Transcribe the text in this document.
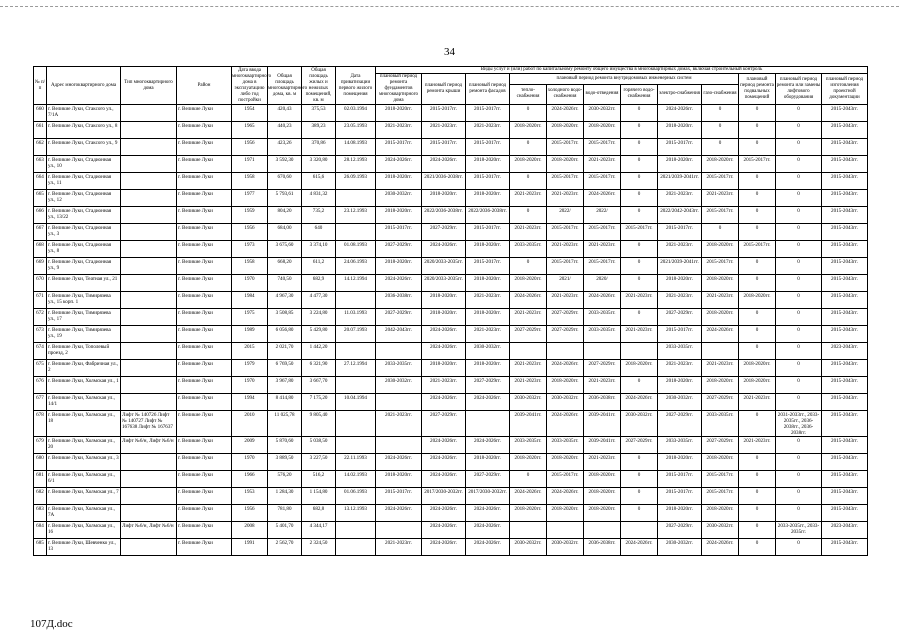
34
№ п/п	Адрес многоквартирного дома	Тип многоквартирного дома	Район	Дата ввода многоквартирного дома в эксплуатацию либо год постройки	Общая площадь многоквартирного дома, кв. м	Общая площадь жилых и нежилых помещений, кв. м	Дата приватизации первого жилого помещения	Виды услуг и (или) работ по капитальному ремонту общего имущества в многоквартирных домах, включая строительный контроль											
								плановый период ремонта фундаментов многоквартирного дома	плановый период ремонта крыши	плановый период ремонта фасадов	плановый период ремонта внутридомовых инженерных систем						плановый период ремонта подвальных помещений	плановый период ремонта или замены лифтового оборудования	плановый период изготовления проектной документации
											тепло-снабжения	холодного водо-снабжения	водо-отведения	горячего водо-снабжения	электро-снабжения	газо-снабжения			
660	г. Великие Луки, Стаксого ул., 7/1А		г. Великие Луки	1954	420,43	375,53	02.03.1994	2018-2020гг.	2015-2017гг.	2015-2017гг.	0	2024-2026гг.	2030-2032гг.	0	2024-2026гг.	0	0	0	2015-2043гг.
661	г. Великие Луки, Стаксого ул., 8		г. Великие Луки	1965	440,23	389,23	23.05.1993	2021-2023гг.	2021-2023гг.	2021-2023гг.	2018-2020гг.	2018-2020гг.	2018-2020гг.	0	2018-2020гг.	0	0	0	2015-2043гг.
662	г. Великие Луки, Стаксого ул., 9		г. Великие Луки	1956	423,26	370,86	14.08.1993	2015-2017гг.	2015-2017гг.	2015-2017гг.	0	2015-2017гг.	2015-2017гг.	0	2015-2017гг.	0	0	0	2015-2043гг.
663	г. Великие Луки, Стадионная ул., 10		г. Великие Луки	1971	3 592,30	3 320,80	28.12.1993	2024-2026гг.	2024-2026гг.	2018-2020гг.	2018-2020гг.	2018-2020гг.	2021-2023гг.	0	2018-2020гг.	2018-2020гг.	2015-2017гг.	0	2015-2043гг.
664	г. Великие Луки, Стадионная ул., 11		г. Великие Луки	1958	670,60	615,6	26.09.1993	2018-2020гг.	2021/2036-2038гг.	2015-2017гг.	0	2015-2017гг.	2015-2017гг.	0	2021/2039-2041гг.	2015-2017гг.	0	0	2015-2043гг.
665	г. Великие Луки, Стадионная ул., 12		г. Великие Луки	1977	5 793,61	4 831,32		2030-2032гг.	2018-2020гг.	2018-2020гг.	2021-2023гг.	2021-2023гг.	2024-2026гг.	0	2021-2023гг.	2021-2023гг.	0	0	2015-2043гг.
666	г. Великие Луки, Стадионная ул., 13/22		г. Великие Луки	1959	804,20	735,2	23.12.1993	2018-2020гг.	2022/2036-2038гг.	2022/2036-2038гг.	0	2022/	2022/	0	2022/2042-2043гг.	2015-2017гг.	0	0	2015-2043гг.
667	г. Великие Луки, Стадионная ул., 3		г. Великие Луки	1956	684,00	640		2015-2017гг.	2027-2029гг.	2015-2017гг.	2021-2023гг.	2015-2017гг.	2015-2017гг.	2015-2017гг.	2015-2017гг.	0	0	0	2015-2043гг.
668	г. Великие Луки, Стадионная ул., 8		г. Великие Луки	1973	3 675,60	3 374,10	01.08.1993	2027-2029гг.	2024-2026гг.	2018-2020гг.	2033-2035гг.	2021-2023гг.	2021-2023гг.	0	2021-2023гг.	2018-2020гг.	2015-2017гг.	0	2015-2043гг.
669	г. Великие Луки, Стадионная ул., 9		г. Великие Луки	1958	668,20	611,2	24.06.1993	2018-2020гг.	2020/2033-2035гг.	2015-2017гг.	0	2015-2017гг.	2015-2017гг.	0	2021/2039-2041гг.	2015-2017гг.	0	0	2015-2043гг.
670	г. Великие Луки, Театная ул., 21		г. Великие Луки	1970	740,50	682,9	14.12.1994	2024-2026гг.	2020/2033-2035гг.	2018-2020гг.	2018-2020гг.	2021/	2020/	0	2018-2020гг.	2018-2020гг.	0	0	2015-2043гг.
671	г. Великие Луки, Тимирязева ул., 15 корп. 1		г. Великие Луки	1984	4 967,30	4 477,30		2036-2038гг.	2018-2020гг.	2021-2023гг.	2024-2026гг.	2021-2023гг.	2024-2026гг.	2021-2023гг.	2021-2023гг.	2021-2023гг.	2018-2020гг.	0	2015-2043гг.
672	г. Великие Луки, Тимирязева ул., 17		г. Великие Луки	1975	3 508,85	3 224,80	11.03.1993	2027-2029гг.	2018-2020гг.	2018-2020гг.	2021-2023гг.	2027-2029гг.	2033-2035гг.	0	2027-2029гг.	2018-2020гг.	0	0	2015-2043гг.
673	г. Великие Луки, Тимирязева ул., 19		г. Великие Луки	1989	6 056,80	5 429,80	20.07.1993	2042-2043гг.	2024-2026гг.	2021-2023гг.	2027-2029гг.	2027-2029гг.	2033-2035гг.	2021-2023гг.	2015-2017гг.	2024-2026гг.	0	0	2015-2043гг.
674	г. Великие Луки, Тополевый проезд, 2		г. Великие Луки	2015	2 021,70	1 442,20			2024-2026гг.	2030-2032гг.					2033-2035гг.		0	0	2023-2043гг.
675	г. Великие Луки, Фабричная ул., 2		г. Великие Луки	1979	6 769,50	6 321,90	27.12.1994	2033-2035гг.	2018-2020гг.	2018-2020гг.	2021-2023гг.	2024-2026гг.	2027-2029гг.	2018-2020гг.	2021-2023гг.	2021-2023гг.	2018-2020гг.	0	2015-2043гг.
676	г. Великие Луки, Холмская ул., 1		г. Великие Луки	1970	3 967,80	3 667,70		2030-2032гг.	2021-2023гг.	2027-2029гг.	2021-2023гг.	2018-2020гг.	2021-2023гг.	0	2018-2020гг.	2018-2020гг.	2018-2020гг.	0	2015-2043гг.
677	г. Великие Луки, Холмская ул., 14/1		г. Великие Луки	1994	8 414,80	7 175,20	10.04.1994		2024-2026гг.	2024-2026гг.	2030-2032гг.	2030-2032гг.	2036-2038гг.	2024-2026гг.	2030-2032гг.	2027-2029гг.	2021-2023гг.	0	2015-2043гг.
678	г. Великие Луки, Холмская ул., 18	Лифт № 140726 Лифт № 140727 Лифт № 167638 Лифт № 167637	г. Великие Луки	2010	11 025,78	9 805,40		2021-2023гг.	2027-2029гг.		2039-2041гг.	2024-2026гг.	2039-2041гг.	2030-2032гг.	2027-2029гг.	2033-2035гг.	0	2031-2033гг., 2033-2035гг., 2036-2038гг., 2036-2038гг.	2015-2043гг.
679	г. Великие Луки, Холмская ул., 20	Лифт №6/н, Лифт №6/н	г. Великие Луки	2009	5 870,60	5 038,50			2024-2026гг.	2024-2026гг.	2033-2035гг.	2033-2035гг.	2039-2041гг.	2027-2029гг.	2033-2035гг.	2027-2029гг.	2021-2023гг.	0	2015-2043гг.
680	г. Великие Луки, Холмская ул., 3		г. Великие Луки	1970	3 889,50	3 227,50	22.11.1993	2024-2026гг.	2024-2026гг.	2018-2020гг.	2018-2020гг.	2018-2020гг.	2021-2023гг.	0	2018-2020гг.	2018-2020гг.	0	0	2015-2043гг.
681	г. Великие Луки, Холмская ул., 6/1		г. Великие Луки	1966	576,20	516,2	14.02.1993	2018-2020гг.	2024-2026гг.	2027-2029гг.	0	2015-2017гг.	2018-2020гг.	0	2015-2017гг.	2015-2017гг.	0	0	2015-2043гг.
682	г. Великие Луки, Холмская ул., 7		г. Великие Луки	1953	1 284,30	1 154,80	01.06.1993	2015-2017гг.	2017/2030-2032гг.	2017/2030-2032гг.	2024-2026гг.	2024-2026гг.	2018-2020гг.	0	2015-2017гг.	2015-2017гг.	0	0	2015-2043гг.
683	г. Великие Луки, Холмская ул., 7А		г. Великие Луки	1956	781,80	682,8	13.12.1993	2024-2026гг.	2024-2026гг.	2024-2026гг.	2018-2020гг.	2018-2020гг.	2018-2020гг.	0	2018-2020гг.	2018-2020гг.	0	0	2015-2043гг.
684	г. Великие Луки, Холмская ул., 16	Лифт №6/н, Лифт №6/н	г. Великие Луки	2008	5 401,70	4 344,17			2024-2026гг.	2024-2026гг.					2027-2029гг.	2030-2032гг.	0	2033-2035гг., 2033-2035гг.	2023-2043гг.
685	г. Великие Луки, Шевченко ул., 13		г. Великие Луки	1991	2 562,70	2 324,50		2021-2023гг.	2024-2026гг.	2024-2026гг.	2030-2032гг.	2030-2032гг.	2036-2038гг.	2024-2026гг.	2030-2032гг.	2024-2026гг.	0	0	2015-2043гг.
107Д.doc
